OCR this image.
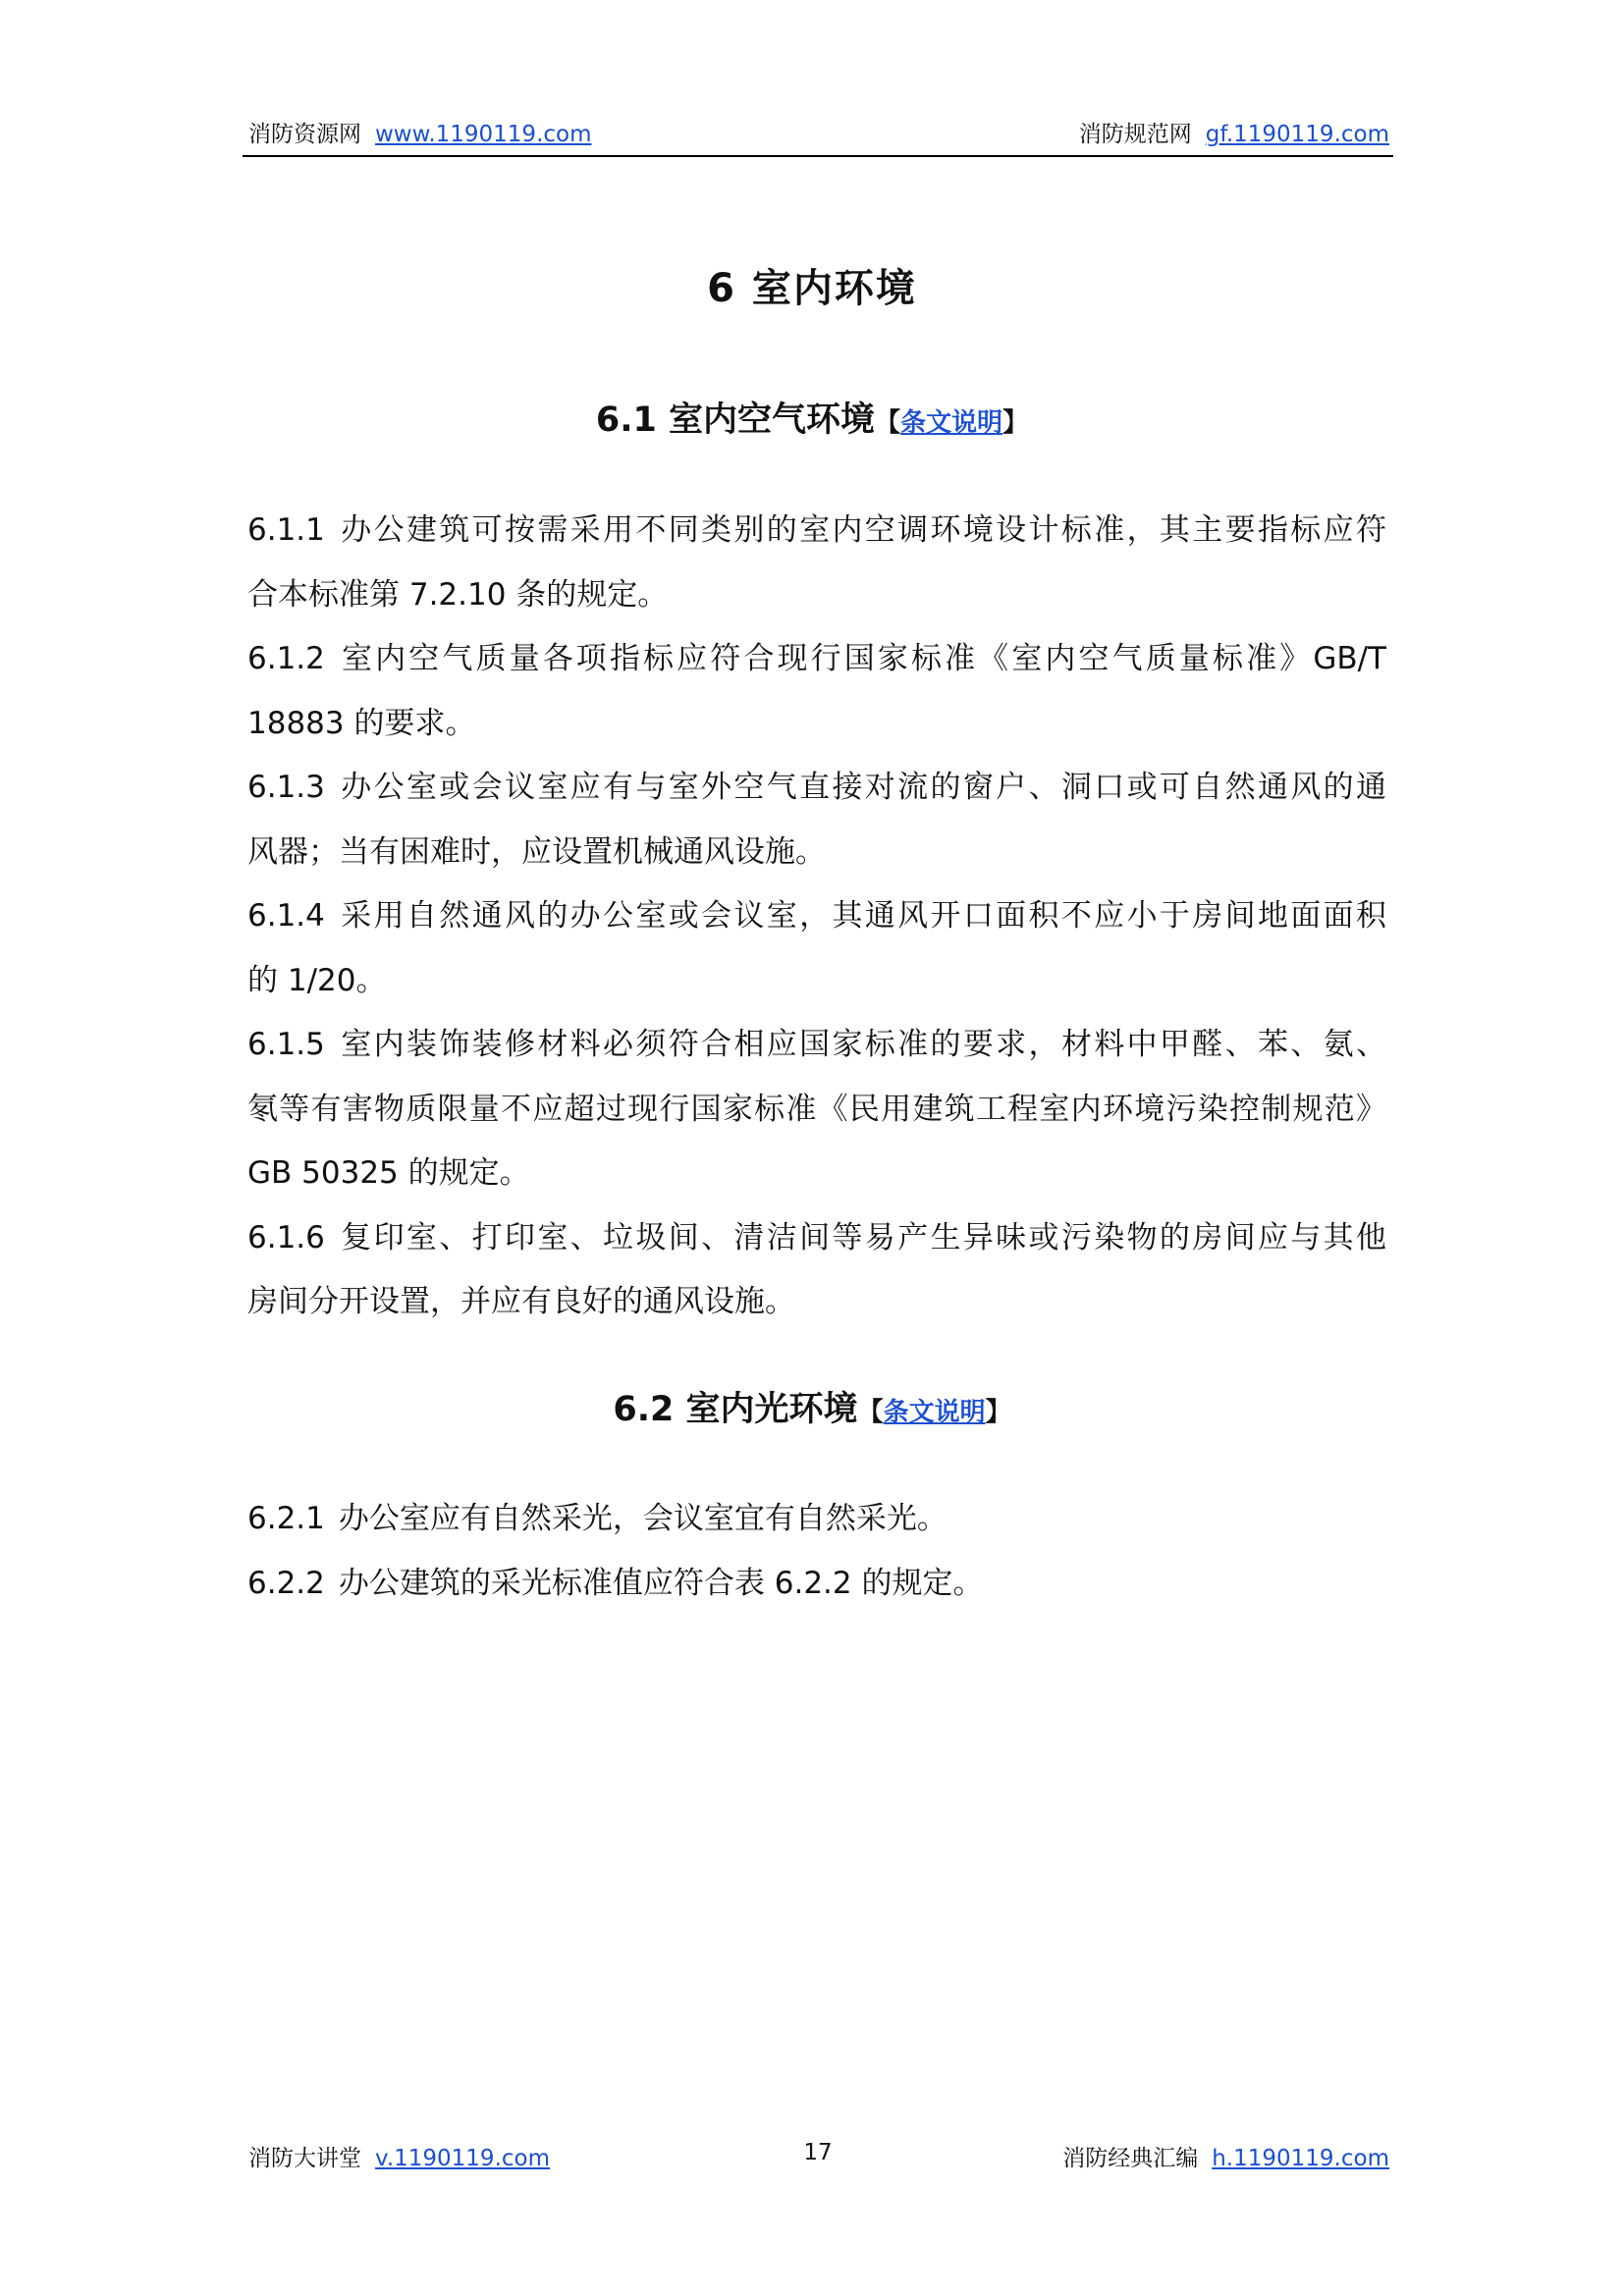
消防资源网 www.1190119.com	消防规范网 gf.1190119.com
6 室内环境
6.1 室内空气环境【条文说明】

6.1.1 办公建筑可按需采用不同类别的室内空调环境设计标准，其主要指标应符
合本标准第 7.2.10 条的规定。

6.1.2 室内空气质量各项指标应符合现行国家标准《室内空气质量标准》GB/T
18883 的要求。

6.1.3 办公室或会议室应有与室外空气直接对流的窗户、洞口或可自然通风的通
风器；当有困难时，应设置机械通风设施。

6.1.4 采用自然通风的办公室或会议室，其通风开口面积不应小于房间地面面积
的 1/20。

6.1.5 室内装饰装修材料必须符合相应国家标准的要求，材料中甲醛、苯、氨、
氡等有害物质限量不应超过现行国家标准《民用建筑工程室内环境污染控制规范》
GB 50325 的规定。

6.1.6 复印室、打印室、垃圾间、清洁间等易产生异味或污染物的房间应与其他
房间分开设置，并应有良好的通风设施。

6.2 室内光环境【条文说明】

6.2.1 办公室应有自然采光，会议室宜有自然采光。

6.2.2 办公建筑的采光标准值应符合表 6.2.2 的规定。

消防大讲堂 v.1190119.com	17	消防经典汇编 h.1190119.com
